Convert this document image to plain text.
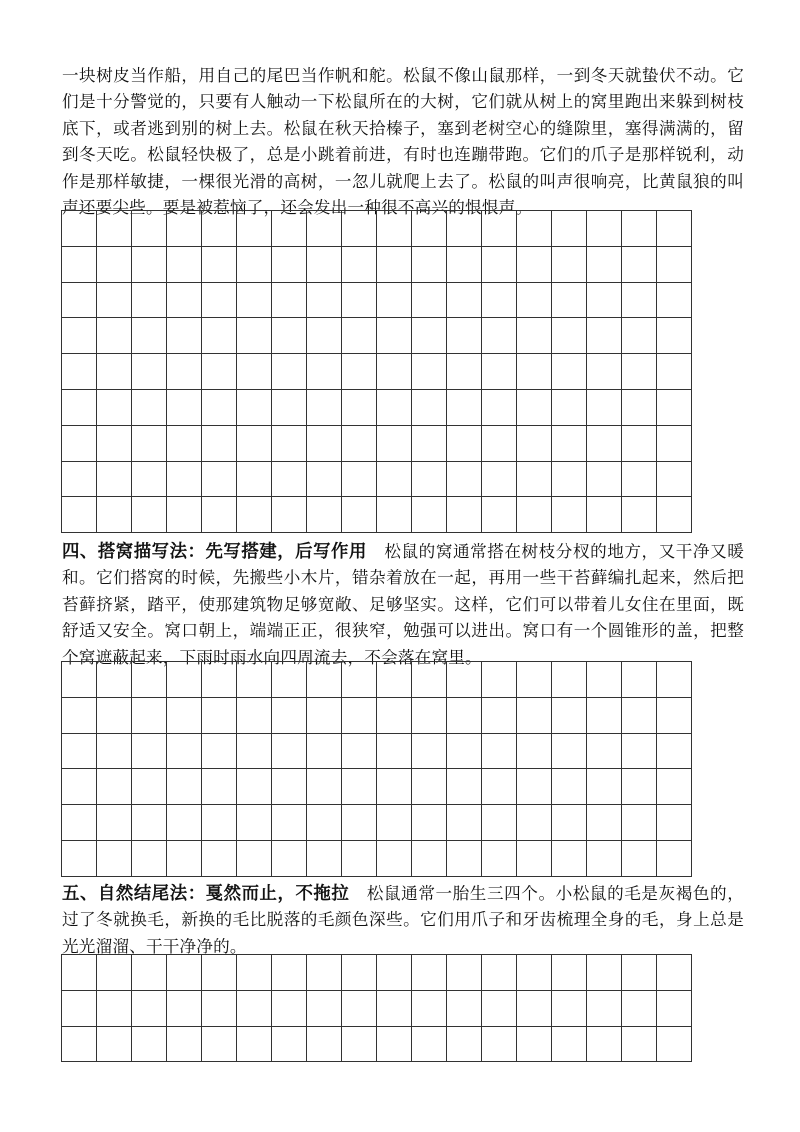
一块树皮当作船，用自己的尾巴当作帆和舵。松鼠不像山鼠那样，一到冬天就蛰伏不动。它们是十分警觉的，只要有人触动一下松鼠所在的大树，它们就从树上的窝里跑出来躲到树枝底下，或者逃到别的树上去。松鼠在秋天拾榛子，塞到老树空心的缝隙里，塞得满满的，留到冬天吃。松鼠轻快极了，总是小跳着前进，有时也连蹦带跑。它们的爪子是那样锐利，动作是那样敏捷，一棵很光滑的高树，一忽儿就爬上去了。松鼠的叫声很响亮，比黄鼠狼的叫声还要尖些。要是被惹恼了，还会发出一种很不高兴的恨恨声。

四、搭窝描写法：先写搭建，后写作用 松鼠的窝通常搭在树枝分杈的地方，又干净又暖和。它们搭窝的时候，先搬些小木片，错杂着放在一起，再用一些干苔藓编扎起来，然后把苔藓挤紧，踏平，使那建筑物足够宽敞、足够坚实。这样，它们可以带着儿女住在里面，既舒适又安全。窝口朝上，端端正正，很狭窄，勉强可以进出。窝口有一个圆锥形的盖，把整个窝遮蔽起来，下雨时雨水向四周流去，不会落在窝里。

五、自然结尾法：戛然而止，不拖拉 松鼠通常一胎生三四个。小松鼠的毛是灰褐色的，过了冬就换毛，新换的毛比脱落的毛颜色深些。它们用爪子和牙齿梳理全身的毛，身上总是光光溜溜、干干净净的。
